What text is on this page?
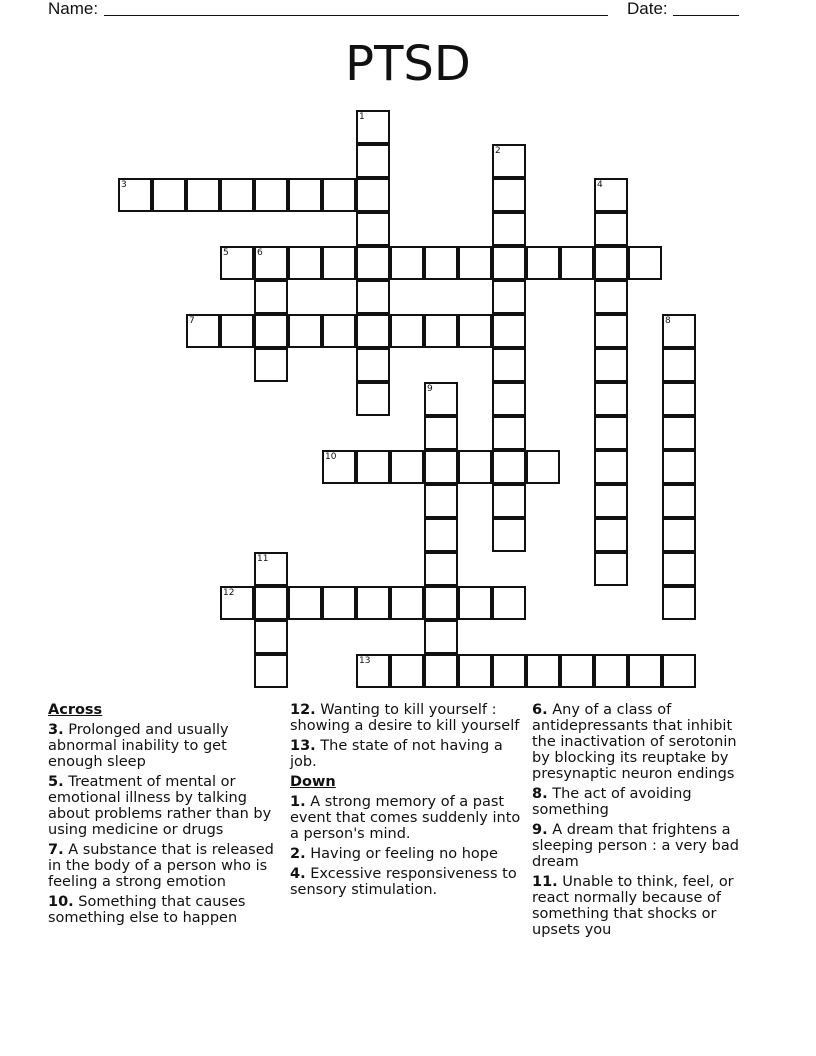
Name:	Date:
PTSD
1
2
3	4
5	6
7	8
9
10
11
12
13
Across
3. Prolonged and usually abnormal inability to get enough sleep
5. Treatment of mental or emotional illness by talking about problems rather than by using medicine or drugs
7. A substance that is released in the body of a person who is feeling a strong emotion
10. Something that causes something else to happen
12. Wanting to kill yourself : showing a desire to kill yourself
13. The state of not having a job.
Down
1. A strong memory of a past event that comes suddenly into a person's mind.
2. Having or feeling no hope
4. Excessive responsiveness to sensory stimulation.
6. Any of a class of antidepressants that inhibit the inactivation of serotonin by blocking its reuptake by presynaptic neuron endings
8. The act of avoiding something
9. A dream that frightens a sleeping person : a very bad dream
11. Unable to think, feel, or react normally because of something that shocks or upsets you
